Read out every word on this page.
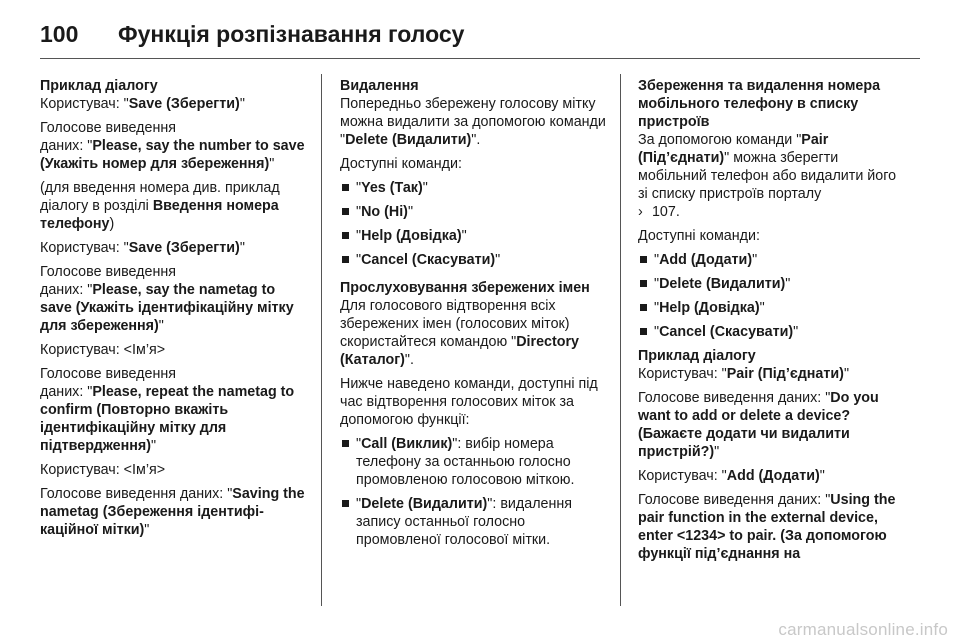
100	Функція розпізнавання голосу

Приклад діалогу

Користувач: "Save (Зберегти)"

Голосове виведення
даних: "Please, say the number to save (Укажіть номер для збереження)"

(для введення номера див. приклад діалогу в розділі Введення номера телефону)

Користувач: "Save (Зберегти)"

Голосове виведення
даних: "Please, say the nametag to save (Укажіть ідентифікаційну мітку для збереження)"

Користувач: <Ім’я>

Голосове виведення
даних: "Please, repeat the nametag to confirm (Повторно вкажіть ідентифікаційну мітку для підтвердження)"

Користувач: <Ім’я>

Голосове виведення даних: "Saving the nametag (Збереження ідентифікаційної мітки)"

Видалення

Попередньо збережену голосову мітку можна видалити за допомогою команди "Delete (Видалити)".

Доступні команди:

"Yes (Так)"
"No (Ні)"
"Help (Довідка)"
"Cancel (Скасувати)"

Прослуховування збережених імен

Для голосового відтворення всіх збережених імен (голосових міток) скористайтеся командою "Directory (Каталог)".

Нижче наведено команди, доступні під час відтворення голосових міток за допомогою функції:

"Call (Виклик)": вибір номера телефону за останньою голосно промовленою голосовою міткою.
"Delete (Видалити)": видалення запису останньої голосно промовленої голосової мітки.

Збереження та видалення номера мобільного телефону в списку пристроїв

За допомогою команди "Pair (Під’єднати)" можна зберегти мобільний телефон або видалити його зі списку пристроїв порталу
› 107.

Доступні команди:

"Add (Додати)"
"Delete (Видалити)"
"Help (Довідка)"
"Cancel (Скасувати)"

Приклад діалогу

Користувач: "Pair (Під’єднати)"

Голосове виведення даних: "Do you want to add or delete a device? (Бажаєте додати чи видалити пристрій?)"

Користувач: "Add (Додати)"

Голосове виведення даних: "Using the pair function in the external device, enter <1234> to pair. (За допомогою функції під’єднання на

carmanualsonline.info
